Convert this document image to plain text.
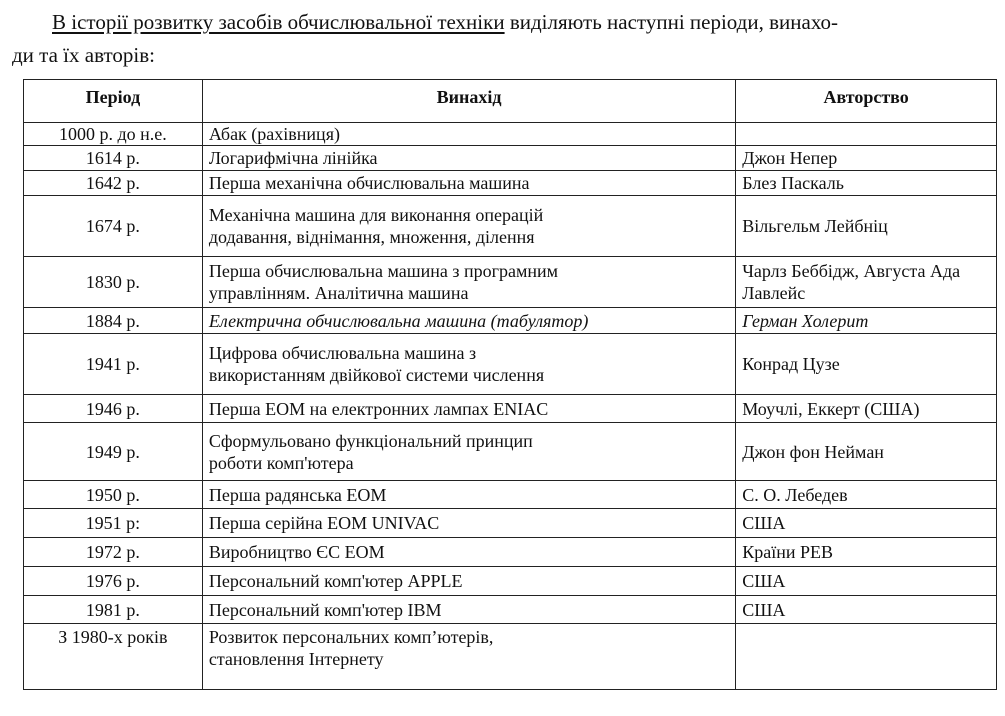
В історії розвитку засобів обчислювальної техніки виділяють наступні періоди, винахо-
ди та їх авторів:

Період	Винахід	Авторство
1000 р. до н.е.	Абак (рахівниця)	
1614 р.	Логарифмічна лінійка	Джон Непер
1642 р.	Перша механічна обчислювальна машина	Блез Паскаль
1674 р.	Механічна машина для виконання операцій
додавання, віднімання, множення, ділення	Вільгельм Лейбніц
1830 р.	Перша обчислювальна машина з програмним
управлінням. Аналітична машина	Чарлз Беббідж, Августа Ада
Лавлейс
1884 р.	Електрична обчислювальна машина (табулятор)	Герман Холерит
1941 р.	Цифрова обчислювальна машина з
використанням двійкової системи числення	Конрад Цузе
1946 р.	Перша ЕОМ на електронних лампах ENIAC	Моучлі, Еккерт (США)
1949 р.	Сформульовано функціональний принцип
роботи комп'ютера	Джон фон Нейман
1950 р.	Перша радянська ЕОМ	С. О. Лебедев
1951 р:	Перша серійна ЕОМ UNIVAC	США
1972 р.	Виробництво ЄС ЕОМ	Країни РЕВ
1976 р.	Персональний комп'ютер APPLE	США
1981 р.	Персональний комп'ютер IBM	США
З 1980-х років	Розвиток персональних комп’ютерів,
становлення Інтернету	
